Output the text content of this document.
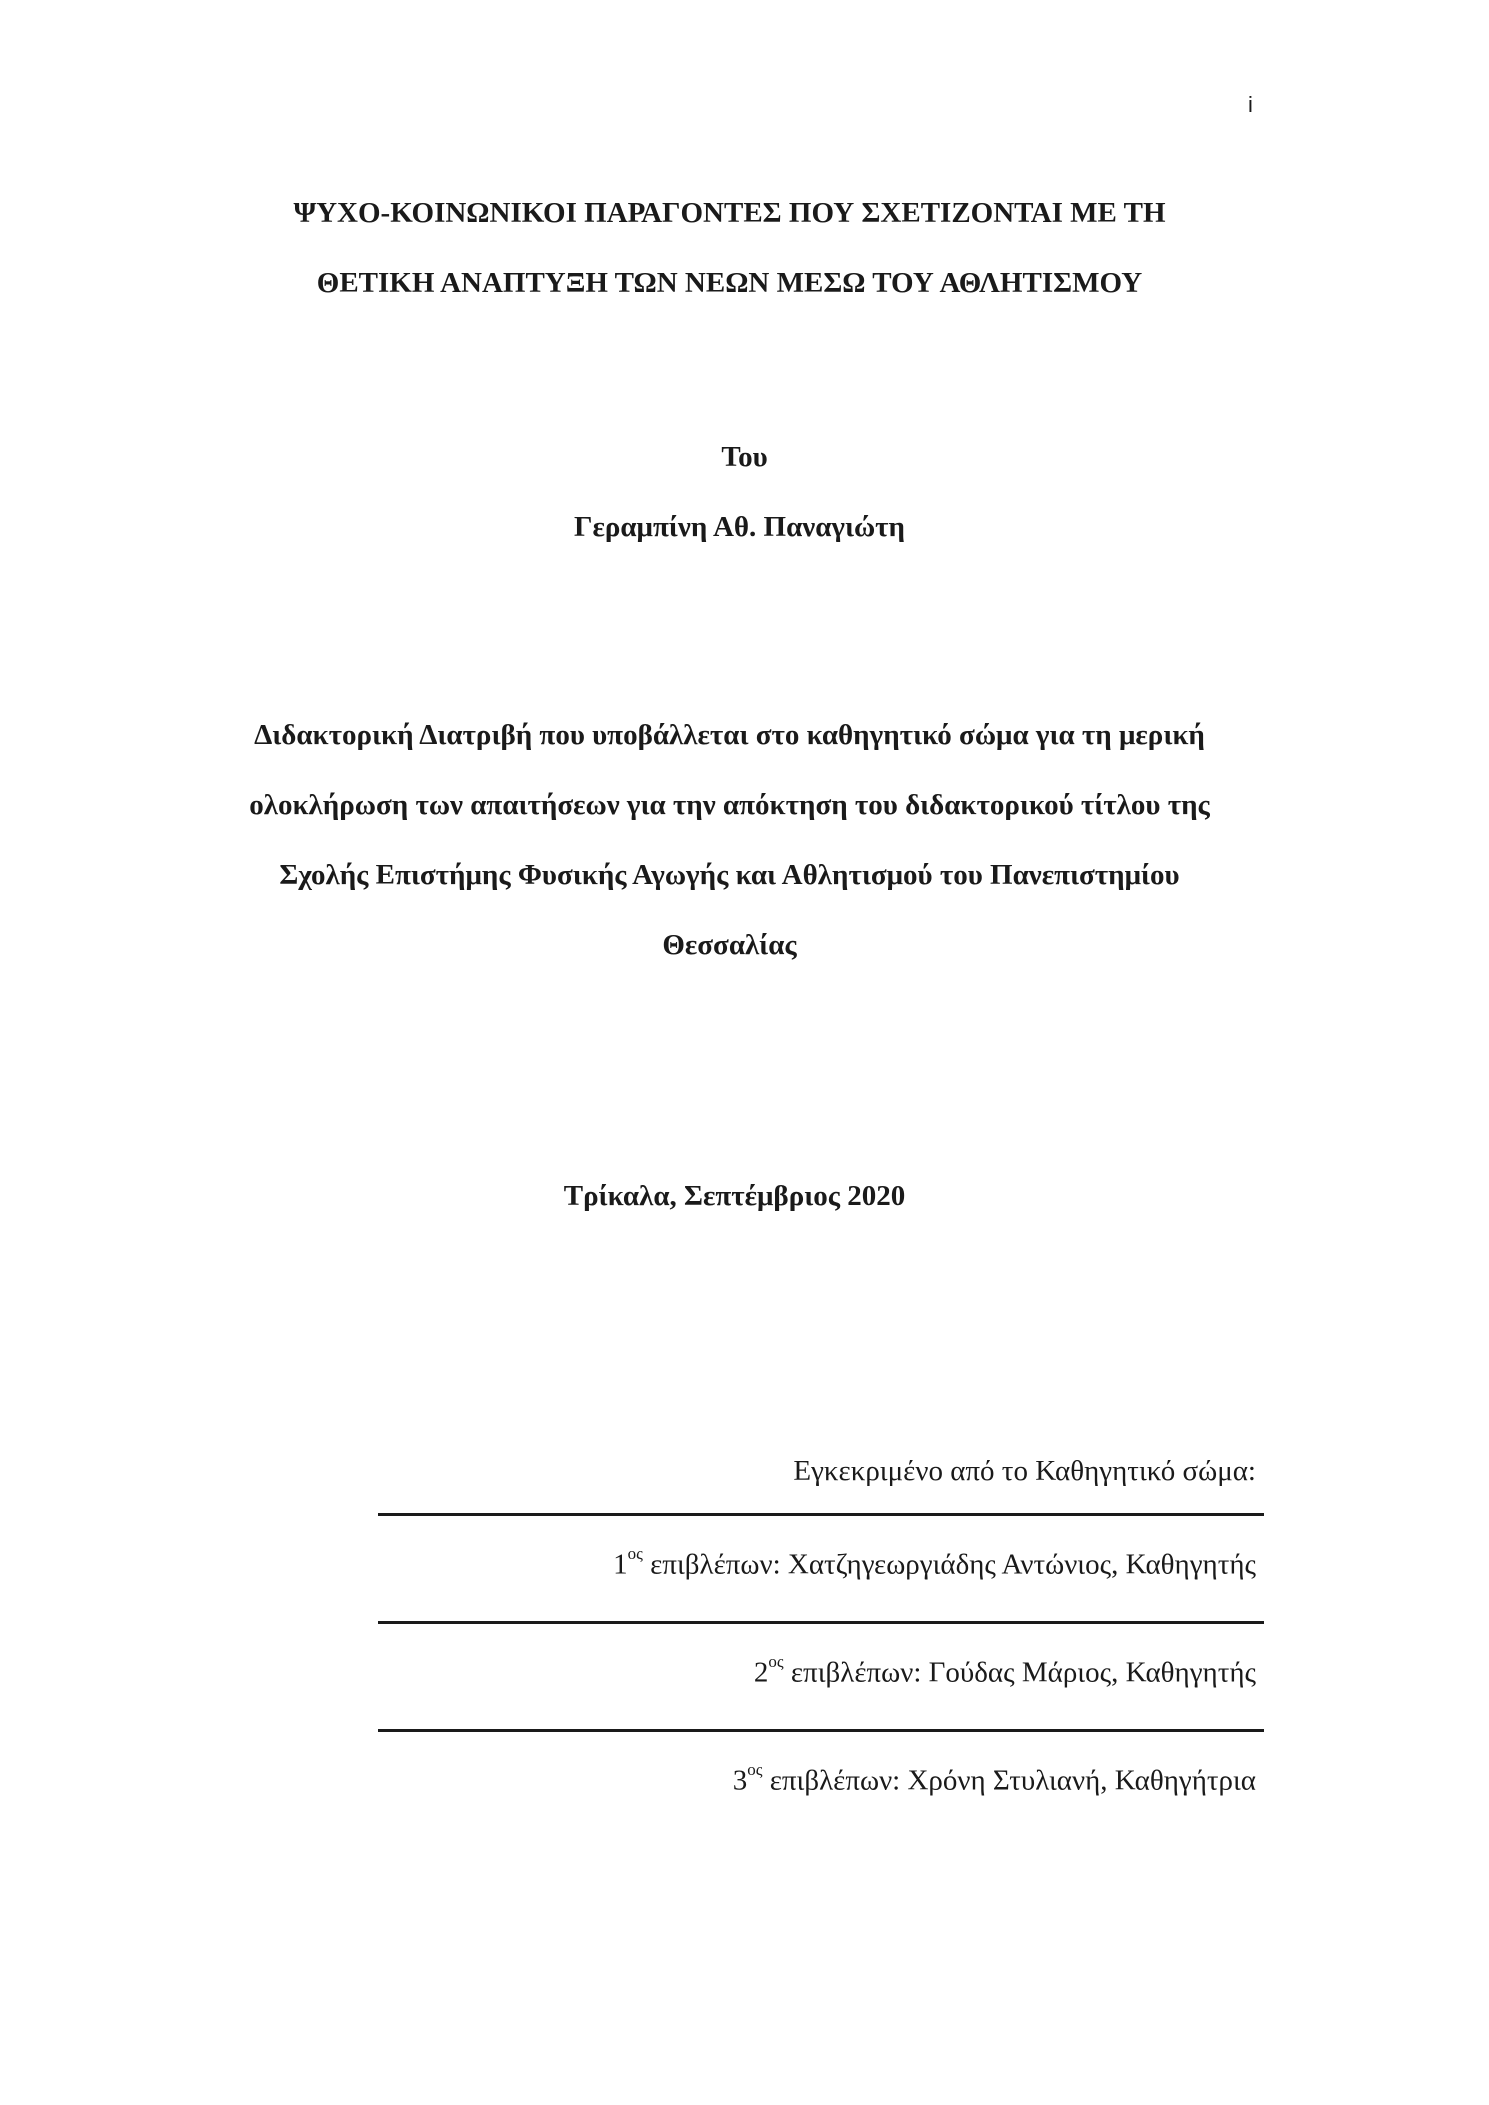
i
ΨΥΧΟ-ΚΟΙΝΩΝΙΚΟΙ ΠΑΡΑΓΟΝΤΕΣ ΠΟΥ ΣΧΕΤΙΖΟΝΤΑΙ ΜΕ ΤΗ
ΘΕΤΙΚΗ ΑΝΑΠΤΥΞΗ ΤΩΝ ΝΕΩΝ ΜΕΣΩ ΤΟΥ ΑΘΛΗΤΙΣΜΟΥ
Του
Γεραμπίνη Αθ. Παναγιώτη
Διδακτορική Διατριβή που υποβάλλεται στο καθηγητικό σώμα για τη μερική
ολοκλήρωση των απαιτήσεων για την απόκτηση του διδακτορικού τίτλου της
Σχολής Επιστήμης Φυσικής Αγωγής και Αθλητισμού του Πανεπιστημίου
Θεσσαλίας
Τρίκαλα, Σεπτέμβριος 2020
Εγκεκριμένο από το Καθηγητικό σώμα:
$1^{o\varsigma}$ επιβλέπων: Χατζηγεωργιάδης Αντώνιος, Καθηγητής
$2^{o\varsigma}$ επιβλέπων: Γούδας Μάριος, Καθηγητής
$3^{o\varsigma}$ επιβλέπων: Χρόνη Στυλιανή, Καθηγήτρια
